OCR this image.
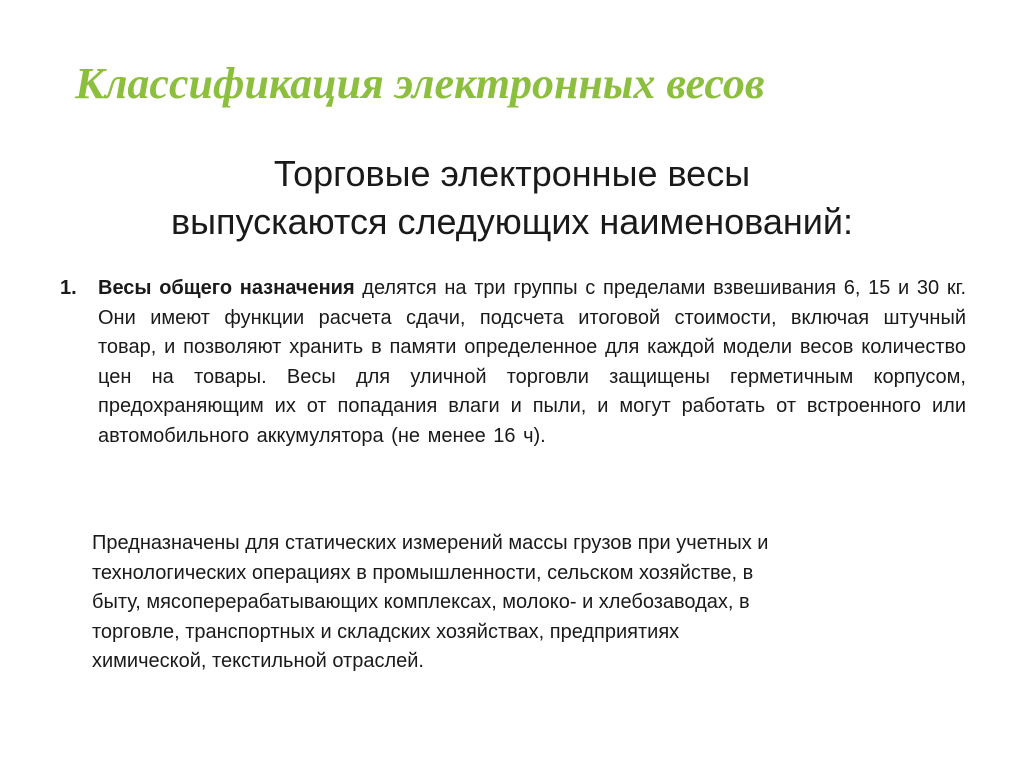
Классификация электронных весов
Торговые электронные весы
выпускаются следующих наименований:
1. Весы общего назначения делятся на три группы с пределами взвешивания 6, 15 и 30 кг. Они имеют функции расчета сдачи, подсчета итоговой стоимости, включая штучный товар, и позволяют хранить в памяти определенное для каждой модели весов количество цен на товары. Весы для уличной торговли защищены герметичным корпусом, предохраняющим их от попадания влаги и пыли, и могут работать от встроенного или автомобильного аккумулятора (не менее 16 ч).
Предназначены для статических измерений массы грузов при учетных и
технологических операциях в промышленности, сельском хозяйстве, в
быту, мясоперерабатывающих комплексах, молоко- и хлебозаводах, в
торговле, транспортных и складских хозяйствах, предприятиях
химической, текстильной отраслей.
